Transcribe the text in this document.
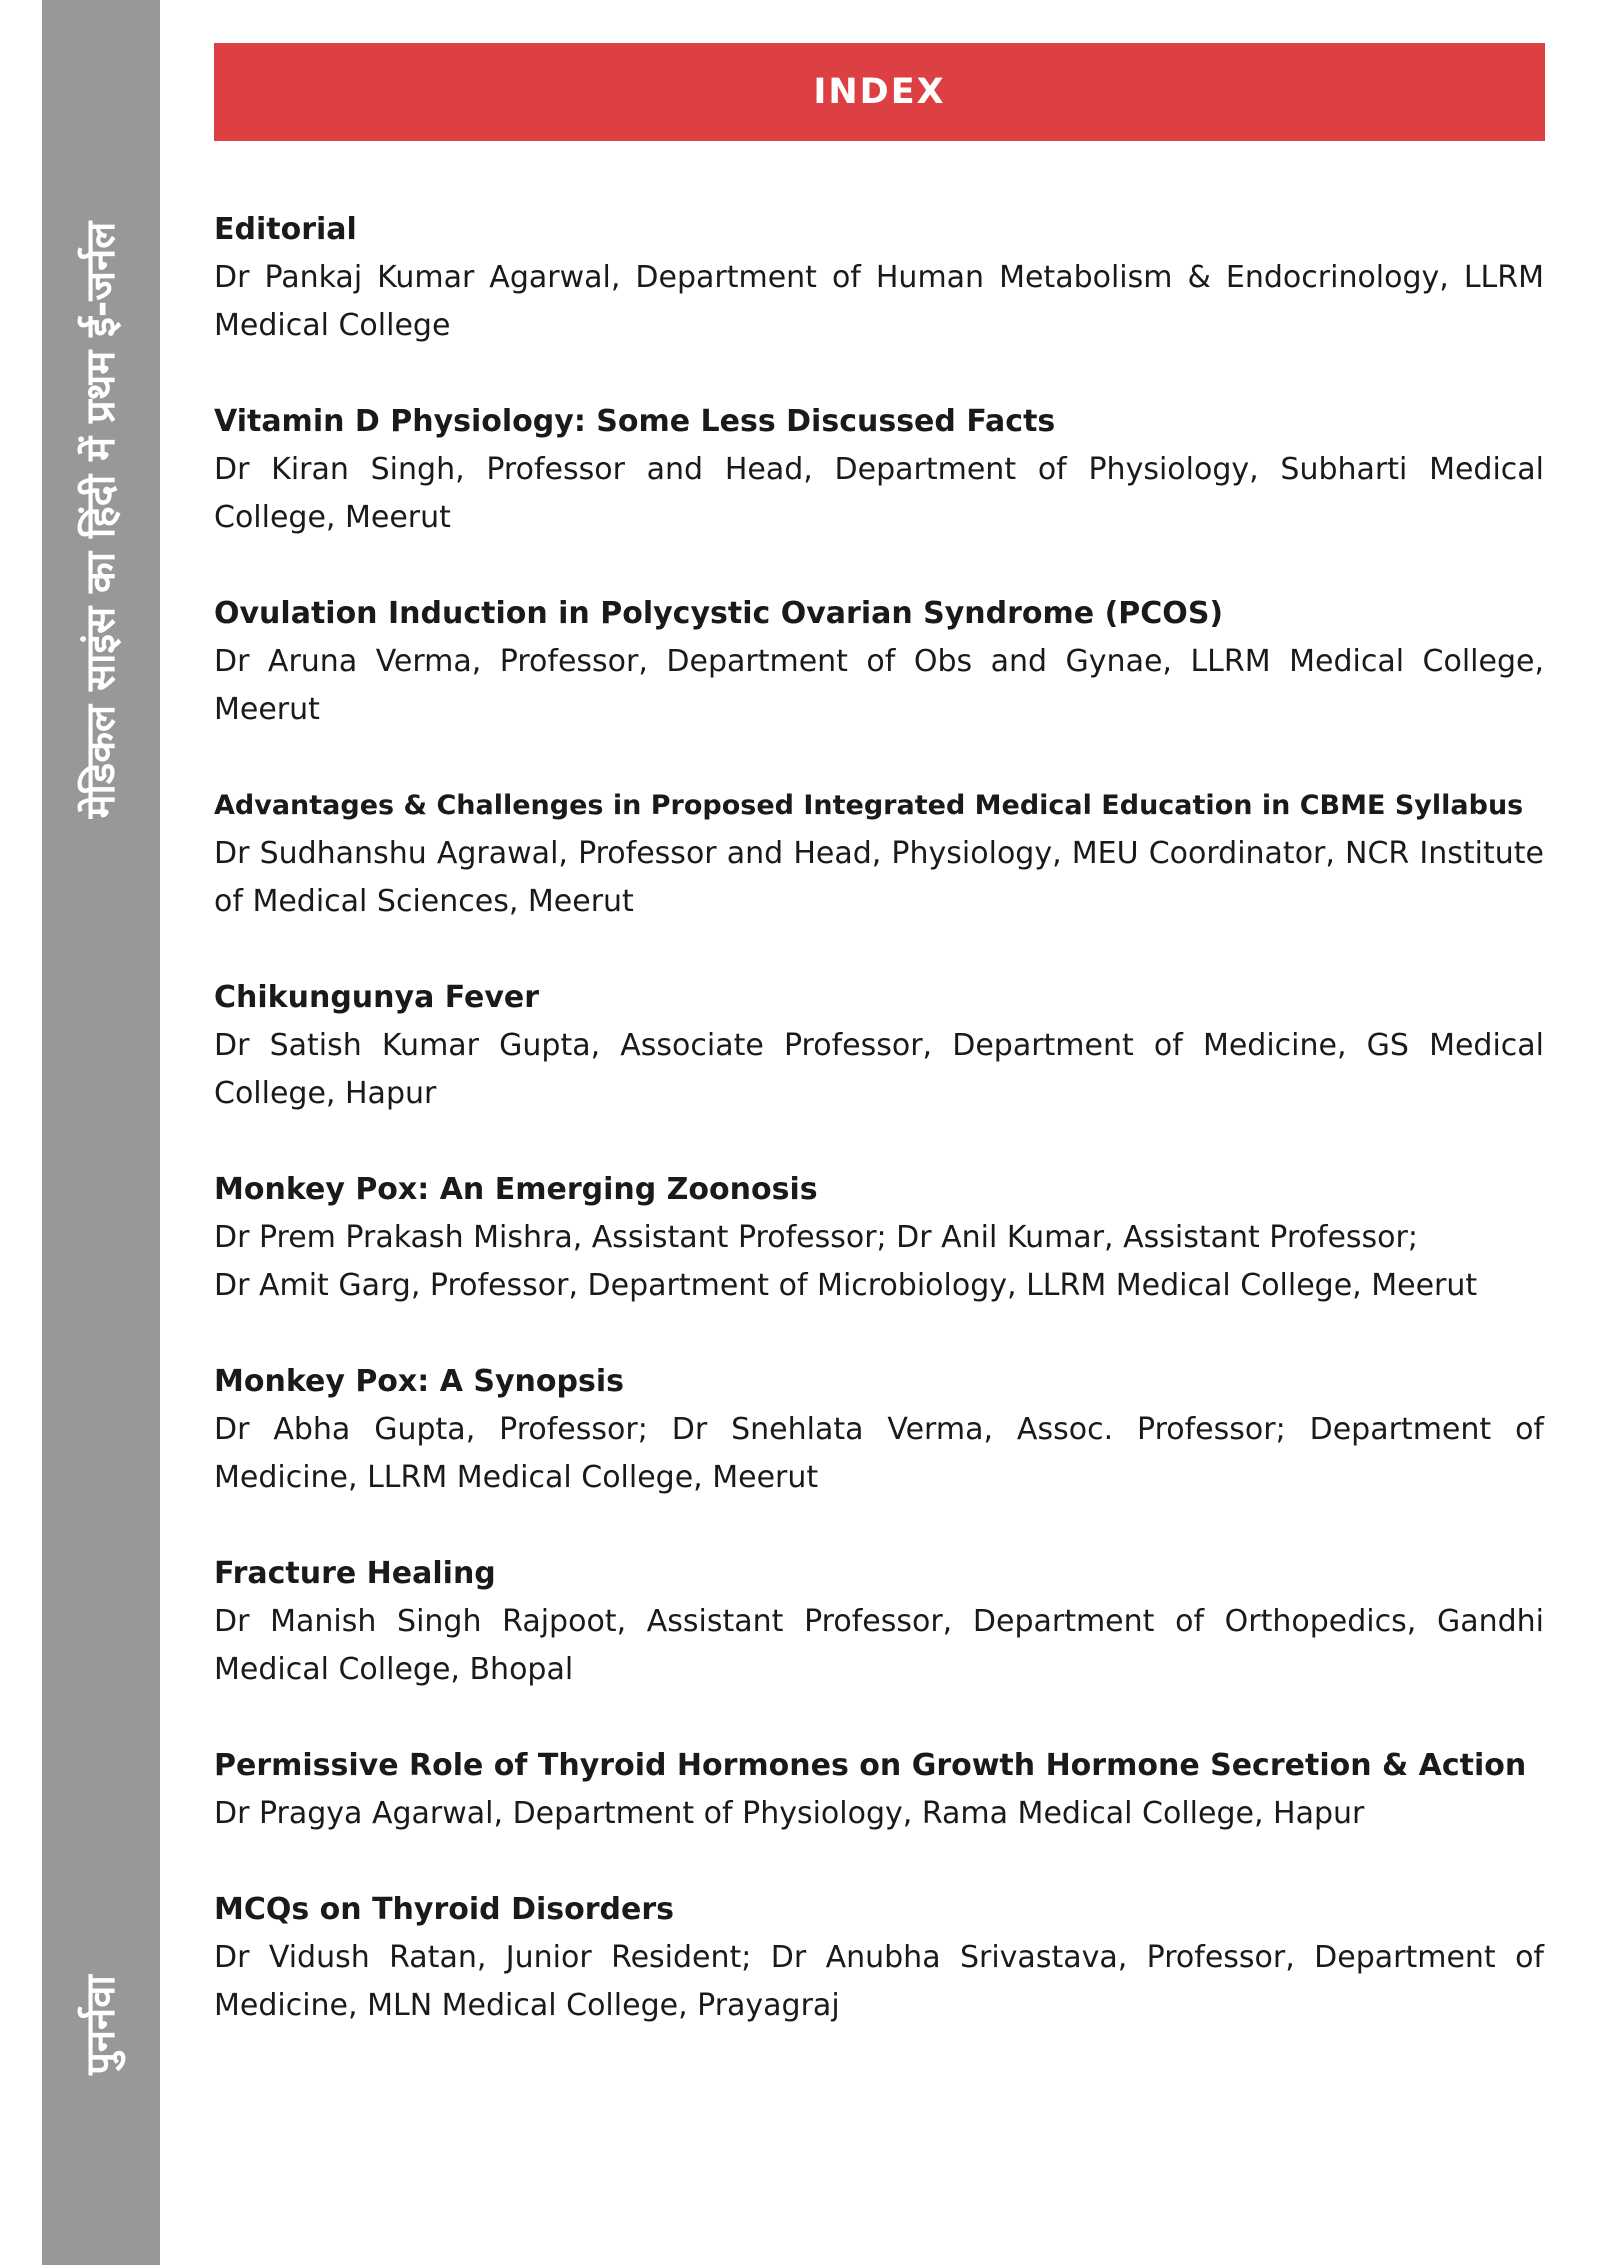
मेडिकल साइंस का हिंदी में प्रथम ई-जर्नल
पुनर्नवा
INDEX
Editorial

Dr Pankaj Kumar Agarwal, Department of Human Metabolism & Endocrinology, LLRM Medical College

Vitamin D Physiology: Some Less Discussed Facts

Dr Kiran Singh, Professor and Head, Department of Physiology, Subharti Medical College, Meerut

Ovulation Induction in Polycystic Ovarian Syndrome (PCOS)

Dr Aruna Verma, Professor, Department of Obs and Gynae, LLRM Medical College, Meerut

Advantages & Challenges in Proposed Integrated Medical Education in CBME Syllabus

Dr Sudhanshu Agrawal, Professor and Head, Physiology, MEU Coordinator, NCR Institute of Medical Sciences, Meerut

Chikungunya Fever

Dr Satish Kumar Gupta, Associate Professor, Department of Medicine, GS Medical College, Hapur

Monkey Pox: An Emerging Zoonosis

Dr Prem Prakash Mishra, Assistant Professor; Dr Anil Kumar, Assistant Professor;
Dr Amit Garg, Professor, Department of Microbiology, LLRM Medical College, Meerut

Monkey Pox: A Synopsis

Dr Abha Gupta, Professor; Dr Snehlata Verma, Assoc. Professor; Department of Medicine, LLRM Medical College, Meerut

Fracture Healing

Dr Manish Singh Rajpoot, Assistant Professor, Department of Orthopedics, Gandhi Medical College, Bhopal

Permissive Role of Thyroid Hormones on Growth Hormone Secretion & Action

Dr Pragya Agarwal, Department of Physiology, Rama Medical College, Hapur

MCQs on Thyroid Disorders

Dr Vidush Ratan, Junior Resident; Dr Anubha Srivastava, Professor, Department of Medicine, MLN Medical College, Prayagraj
